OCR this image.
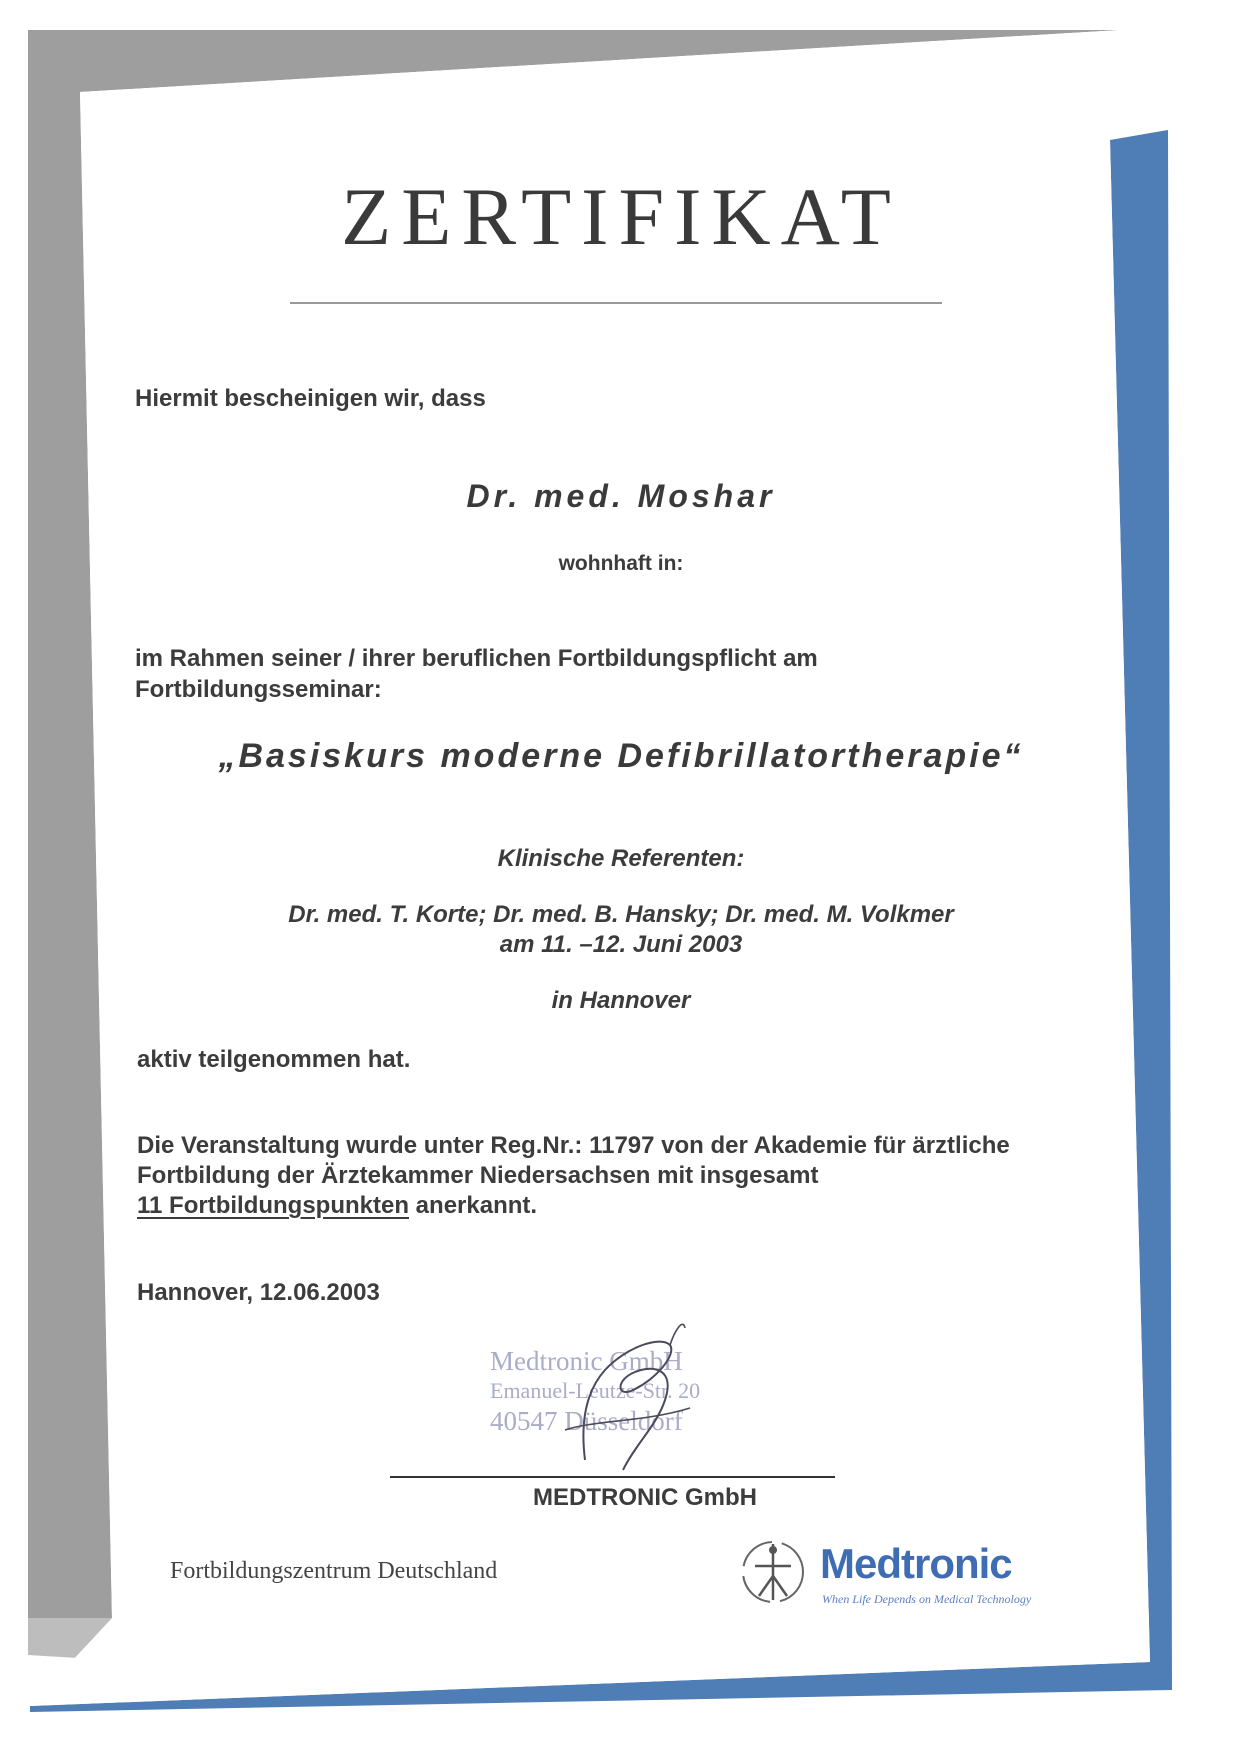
ZERTIFIKAT
Hiermit bescheinigen wir, dass
Dr. med. Moshar
wohnhaft in:
im Rahmen seiner / ihrer beruflichen Fortbildungspflicht am
Fortbildungsseminar:
„Basiskurs moderne Defibrillatortherapie“
Klinische Referenten:
Dr. med. T. Korte; Dr. med. B. Hansky; Dr. med. M. Volkmer
am 11. –12. Juni 2003
in Hannover
aktiv teilgenommen hat.
Die Veranstaltung wurde unter Reg.Nr.: 11797 von der Akademie für ärztliche
Fortbildung der Ärztekammer Niedersachsen mit insgesamt
11 Fortbildungspunkten anerkannt.
Hannover, 12.06.2003
Medtronic GmbH
Emanuel-Leutze-Str. 20
40547 Düsseldorf
MEDTRONIC GmbH
Fortbildungszentrum Deutschland	Medtronic
When Life Depends on Medical Technology
